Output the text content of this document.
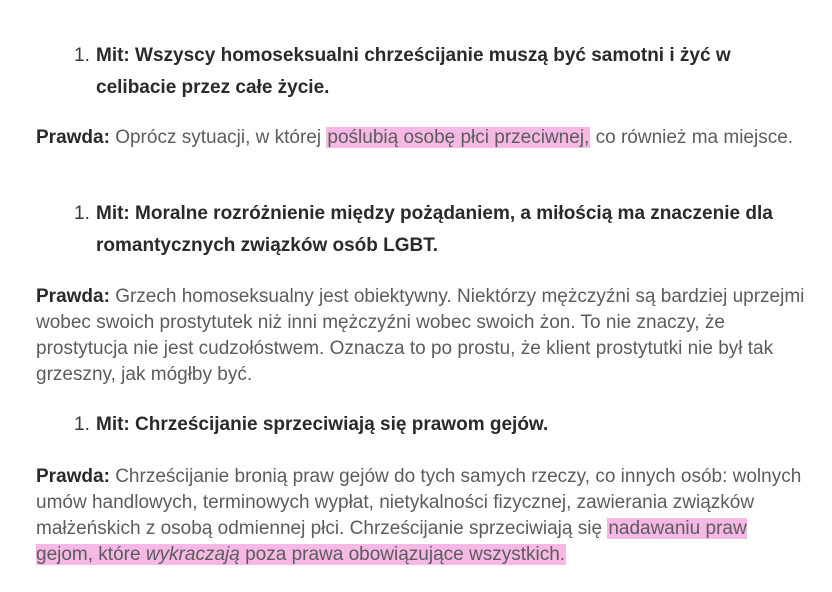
1. Mit: Wszyscy homoseksualni chrześcijanie muszą być samotni i żyć w celibacie przez całe życie.
Prawda: Oprócz sytuacji, w której poślubią osobę płci przeciwnej, co również ma miejsce.
1. Mit: Moralne rozróżnienie między pożądaniem, a miłością ma znaczenie dla romantycznych związków osób LGBT.
Prawda: Grzech homoseksualny jest obiektywny. Niektórzy mężczyźni są bardziej uprzejmi wobec swoich prostytutek niż inni mężczyźni wobec swoich żon. To nie znaczy, że prostytucja nie jest cudzołóstwem. Oznacza to po prostu, że klient prostytutki nie był tak grzeszny, jak mógłby być.
1. Mit: Chrześcijanie sprzeciwiają się prawom gejów.
Prawda: Chrześcijanie bronią praw gejów do tych samych rzeczy, co innych osób: wolnych umów handlowych, terminowych wypłat, nietykalności fizycznej, zawierania związków małżeńskich z osobą odmiennej płci. Chrześcijanie sprzeciwiają się nadawaniu praw gejom, które wykraczają poza prawa obowiązujące wszystkich.
